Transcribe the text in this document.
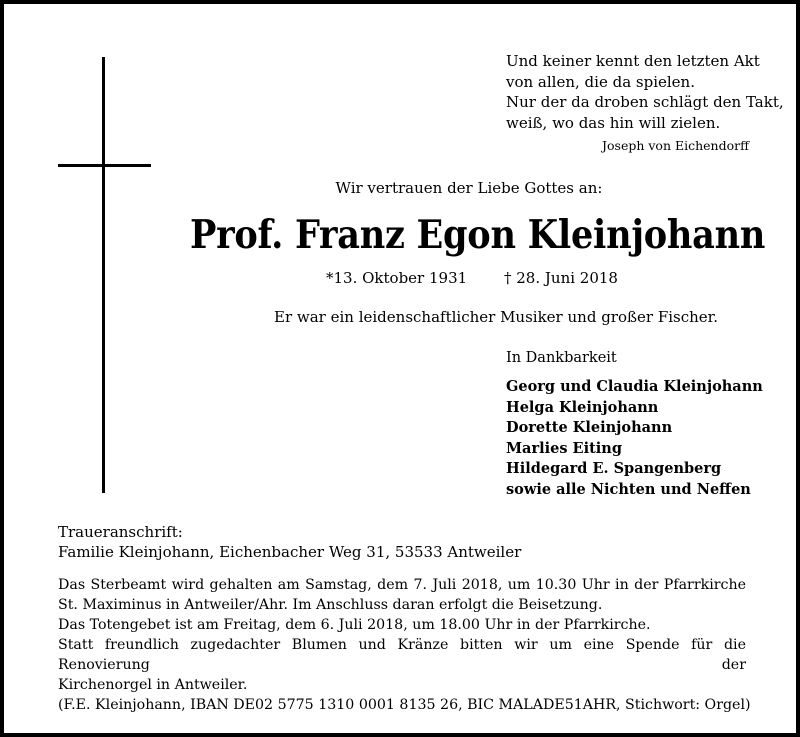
Und keiner kennt den letzten Akt
von allen, die da spielen.
Nur der da droben schlägt den Takt,
weiß, wo das hin will zielen.
Joseph von Eichendorff
Wir vertrauen der Liebe Gottes an:
Prof. Franz Egon Kleinjohann
*13. Oktober 1931 † 28. Juni 2018
Er war ein leidenschaftlicher Musiker und großer Fischer.
In Dankbarkeit
Georg und Claudia Kleinjohann
Helga Kleinjohann
Dorette Kleinjohann
Marlies Eiting
Hildegard E. Spangenberg
sowie alle Nichten und Neffen
Traueranschrift:
Familie Kleinjohann, Eichenbacher Weg 31, 53533 Antweiler
Das Sterbeamt wird gehalten am Samstag, dem 7. Juli 2018, um 10.30 Uhr in der Pfarrkirche
St. Maximinus in Antweiler/Ahr. Im Anschluss daran erfolgt die Beisetzung.
Das Totengebet ist am Freitag, dem 6. Juli 2018, um 18.00 Uhr in der Pfarrkirche.
Statt freundlich zugedachter Blumen und Kränze bitten wir um eine Spende für die Renovierung der
Kirchenorgel in Antweiler.
(F.E. Kleinjohann, IBAN DE02 5775 1310 0001 8135 26, BIC MALADE51AHR, Stichwort: Orgel)
